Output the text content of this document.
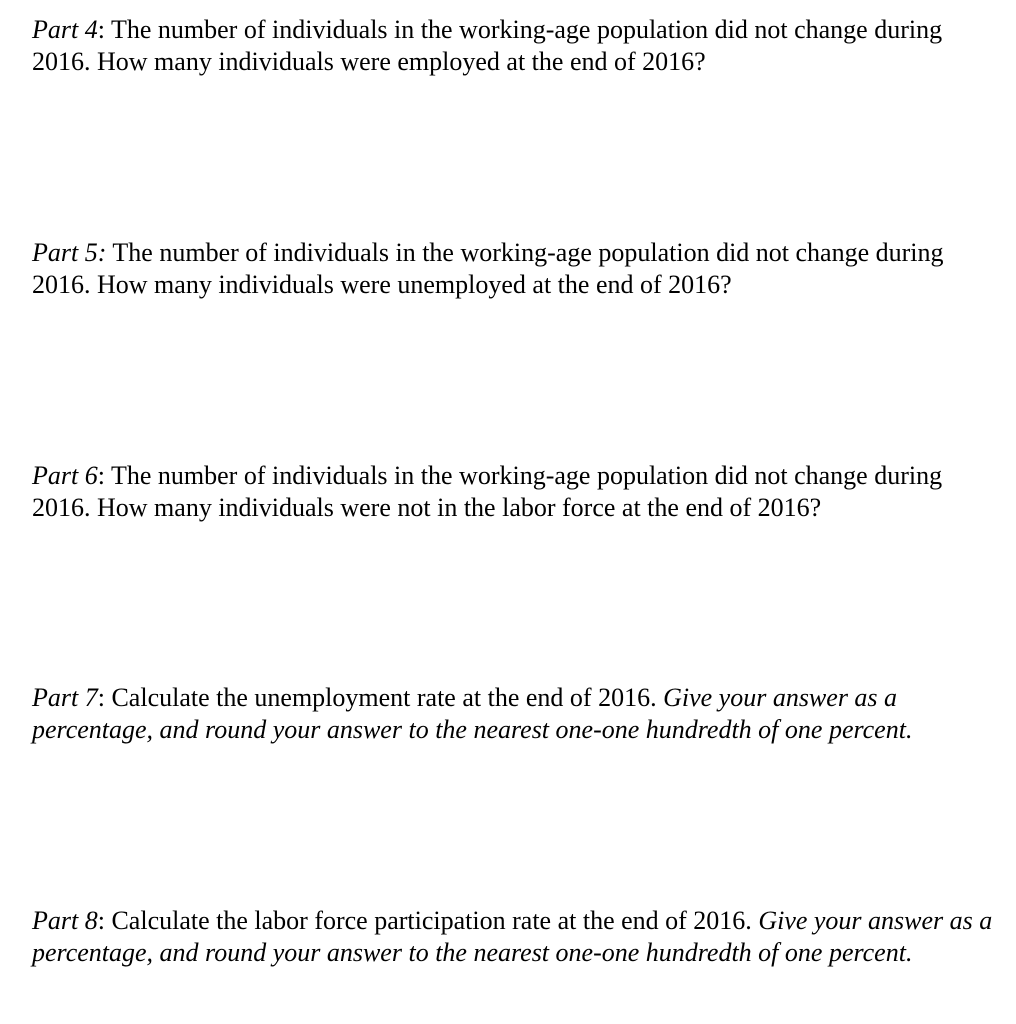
Part 4: The number of individuals in the working-age population did not change during 2016. How many individuals were employed at the end of 2016?

Part 5: The number of individuals in the working-age population did not change during 2016. How many individuals were unemployed at the end of 2016?

Part 6: The number of individuals in the working-age population did not change during 2016. How many individuals were not in the labor force at the end of 2016?

Part 7: Calculate the unemployment rate at the end of 2016. Give your answer as a percentage, and round your answer to the nearest one-one hundredth of one percent.

Part 8: Calculate the labor force participation rate at the end of 2016. Give your answer as a percentage, and round your answer to the nearest one-one hundredth of one percent.
